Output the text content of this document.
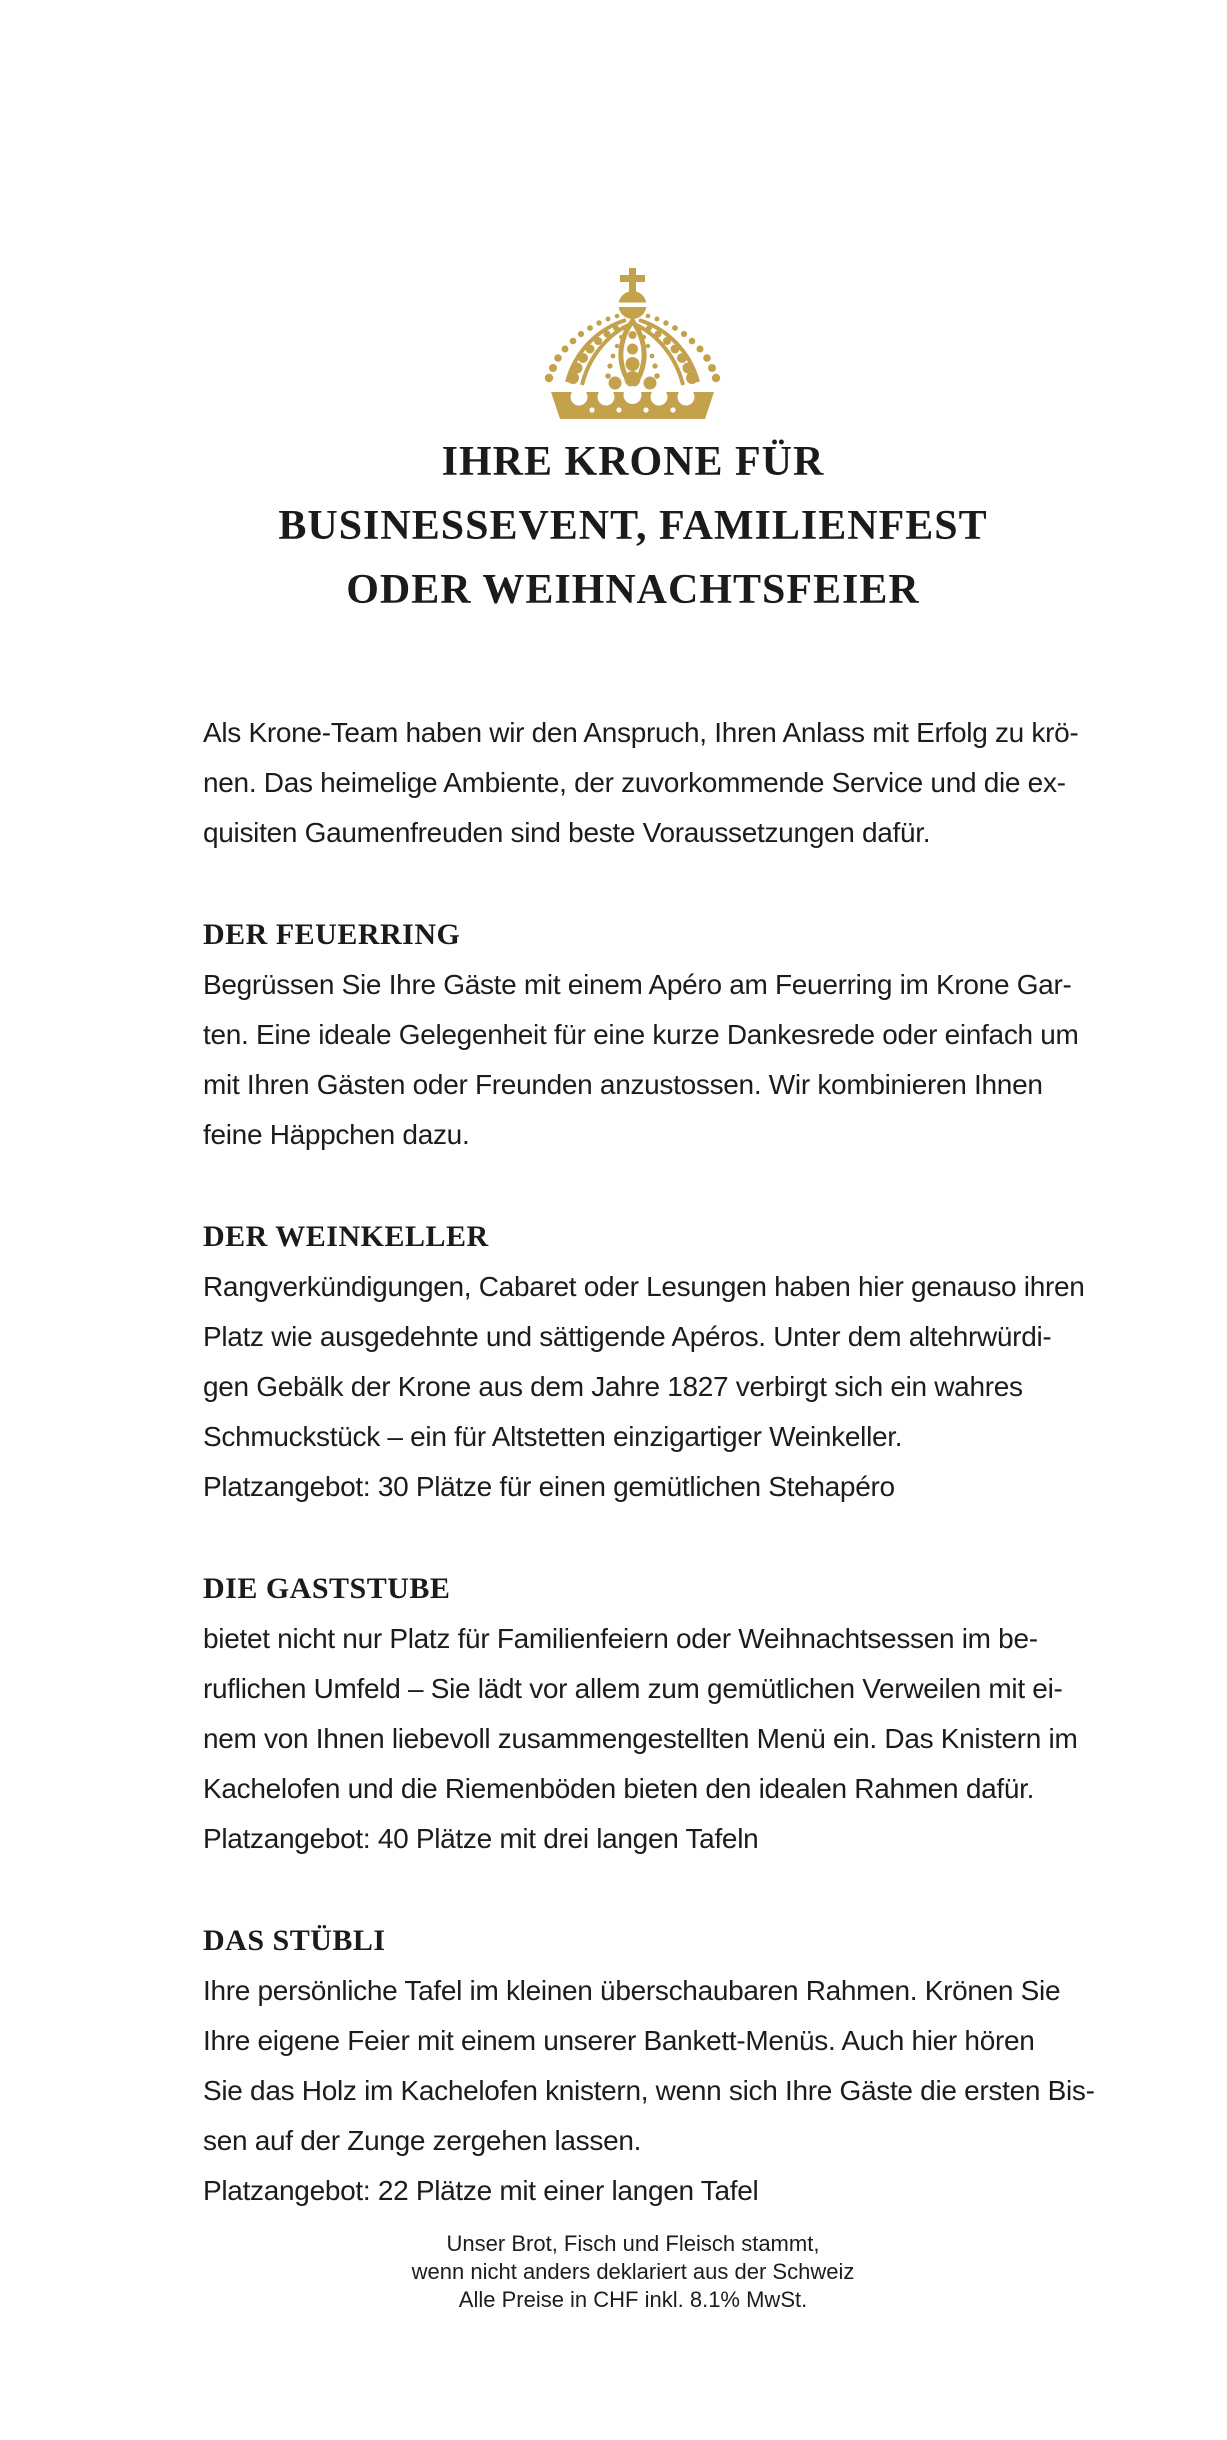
IHRE KRONE FÜR
BUSINESSEVENT, FAMILIENFEST
ODER WEIHNACHTSFEIER
Als Krone-Team haben wir den Anspruch, Ihren Anlass mit Erfolg zu krö-
nen. Das heimelige Ambiente, der zuvorkommende Service und die ex-
quisiten Gaumenfreuden sind beste Voraussetzungen dafür.
DER FEUERRING
Begrüssen Sie Ihre Gäste mit einem Apéro am Feuerring im Krone Gar-
ten. Eine ideale Gelegenheit für eine kurze Dankesrede oder einfach um
mit Ihren Gästen oder Freunden anzustossen. Wir kombinieren Ihnen
feine Häppchen dazu.
DER WEINKELLER
Rangverkündigungen, Cabaret oder Lesungen haben hier genauso ihren
Platz wie ausgedehnte und sättigende Apéros. Unter dem altehrwürdi-
gen Gebälk der Krone aus dem Jahre 1827 verbirgt sich ein wahres
Schmuckstück – ein für Altstetten einzigartiger Weinkeller.
Platzangebot: 30 Plätze für einen gemütlichen Stehapéro
DIE GASTSTUBE
bietet nicht nur Platz für Familienfeiern oder Weihnachtsessen im be-
ruflichen Umfeld – Sie lädt vor allem zum gemütlichen Verweilen mit ei-
nem von Ihnen liebevoll zusammengestellten Menü ein. Das Knistern im
Kachelofen und die Riemenböden bieten den idealen Rahmen dafür.
Platzangebot: 40 Plätze mit drei langen Tafeln
DAS STÜBLI
Ihre persönliche Tafel im kleinen überschaubaren Rahmen. Krönen Sie
Ihre eigene Feier mit einem unserer Bankett-Menüs. Auch hier hören
Sie das Holz im Kachelofen knistern, wenn sich Ihre Gäste die ersten Bis-
sen auf der Zunge zergehen lassen.
Platzangebot: 22 Plätze mit einer langen Tafel
Unser Brot, Fisch und Fleisch stammt,
wenn nicht anders deklariert aus der Schweiz
Alle Preise in CHF inkl. 8.1% MwSt.
